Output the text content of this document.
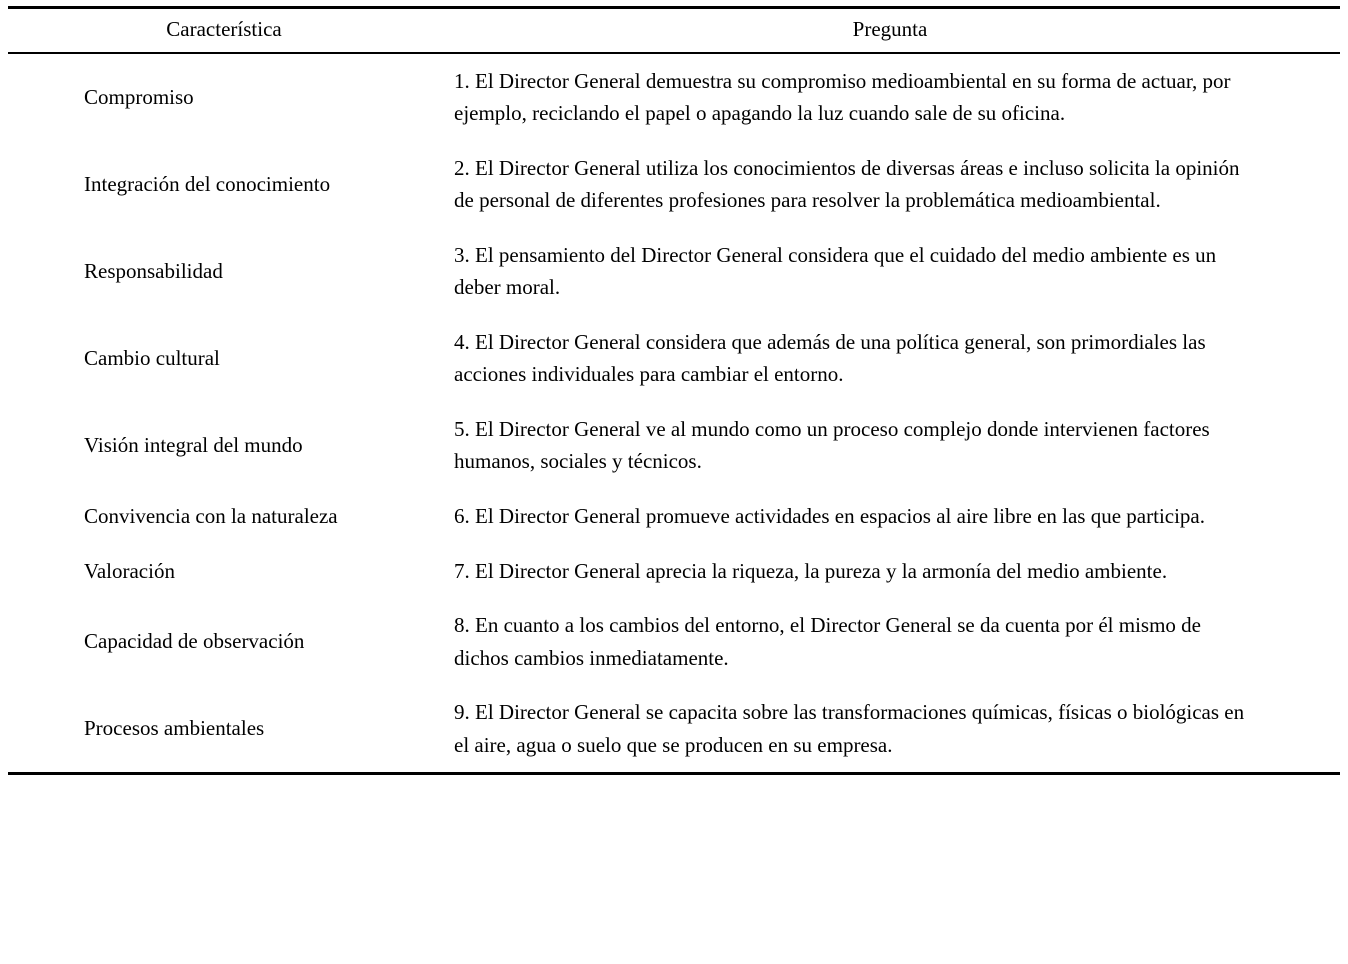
Característica	Pregunta
Compromiso	1. El Director General demuestra su compromiso medioambiental en su forma de actuar, por ejemplo, reciclando el papel o apagando la luz cuando sale de su oficina.
Integración del conocimiento	2. El Director General utiliza los conocimientos de diversas áreas e incluso solicita la opinión de personal de diferentes profesiones para resolver la problemática medioambiental.
Responsabilidad	3. El pensamiento del Director General considera que el cuidado del medio ambiente es un deber moral.
Cambio cultural	4. El Director General considera que además de una política general, son primordiales las acciones individuales para cambiar el entorno.
Visión integral del mundo	5. El Director General ve al mundo como un proceso complejo donde intervienen factores humanos, sociales y técnicos.
Convivencia con la naturaleza	6. El Director General promueve actividades en espacios al aire libre en las que participa.
Valoración	7. El Director General aprecia la riqueza, la pureza y la armonía del medio ambiente.
Capacidad de observación	8. En cuanto a los cambios del entorno, el Director General se da cuenta por él mismo de dichos cambios inmediatamente.
Procesos ambientales	9. El Director General se capacita sobre las transformaciones químicas, físicas o biológicas en el aire, agua o suelo que se producen en su empresa.
